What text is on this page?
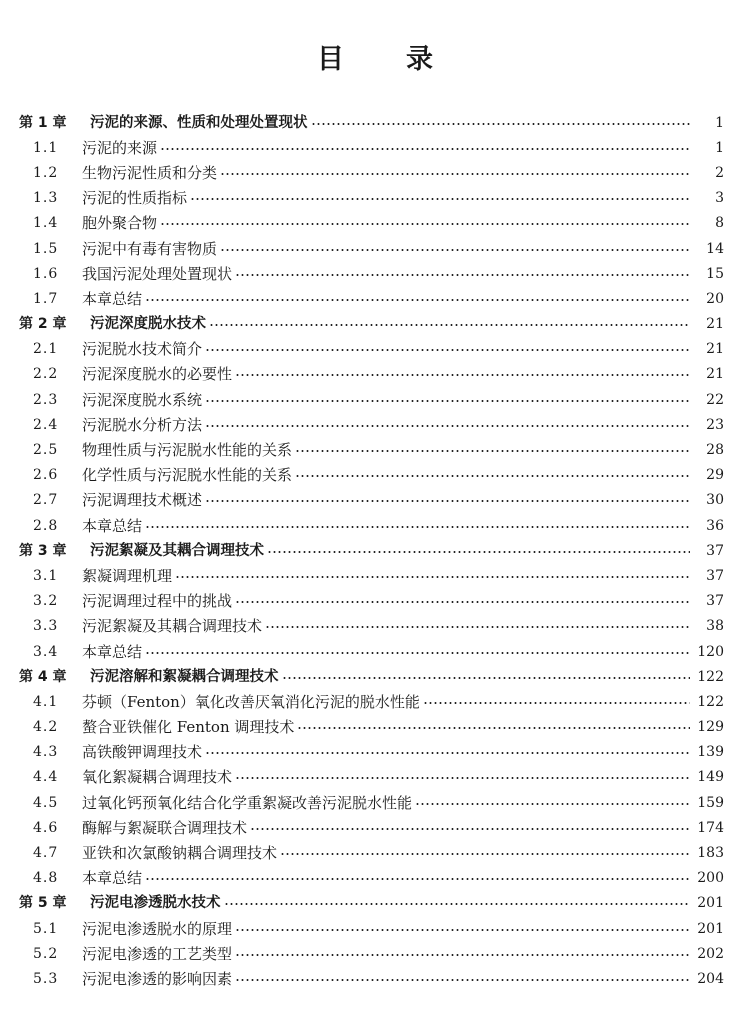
目 录
第 1 章	污泥的来源、性质和处理处置现状	1
1.1	污泥的来源	1
1.2	生物污泥性质和分类	2
1.3	污泥的性质指标	3
1.4	胞外聚合物	8
1.5	污泥中有毒有害物质	14
1.6	我国污泥处理处置现状	15
1.7	本章总结	20
第 2 章	污泥深度脱水技术	21
2.1	污泥脱水技术简介	21
2.2	污泥深度脱水的必要性	21
2.3	污泥深度脱水系统	22
2.4	污泥脱水分析方法	23
2.5	物理性质与污泥脱水性能的关系	28
2.6	化学性质与污泥脱水性能的关系	29
2.7	污泥调理技术概述	30
2.8	本章总结	36
第 3 章	污泥絮凝及其耦合调理技术	37
3.1	絮凝调理机理	37
3.2	污泥调理过程中的挑战	37
3.3	污泥絮凝及其耦合调理技术	38
3.4	本章总结	120
第 4 章	污泥溶解和絮凝耦合调理技术	122
4.1	芬顿（Fenton）氧化改善厌氧消化污泥的脱水性能	122
4.2	螯合亚铁催化 Fenton 调理技术	129
4.3	高铁酸钾调理技术	139
4.4	氧化絮凝耦合调理技术	149
4.5	过氧化钙预氧化结合化学重絮凝改善污泥脱水性能	159
4.6	酶解与絮凝联合调理技术	174
4.7	亚铁和次氯酸钠耦合调理技术	183
4.8	本章总结	200
第 5 章	污泥电渗透脱水技术	201
5.1	污泥电渗透脱水的原理	201
5.2	污泥电渗透的工艺类型	202
5.3	污泥电渗透的影响因素	204
